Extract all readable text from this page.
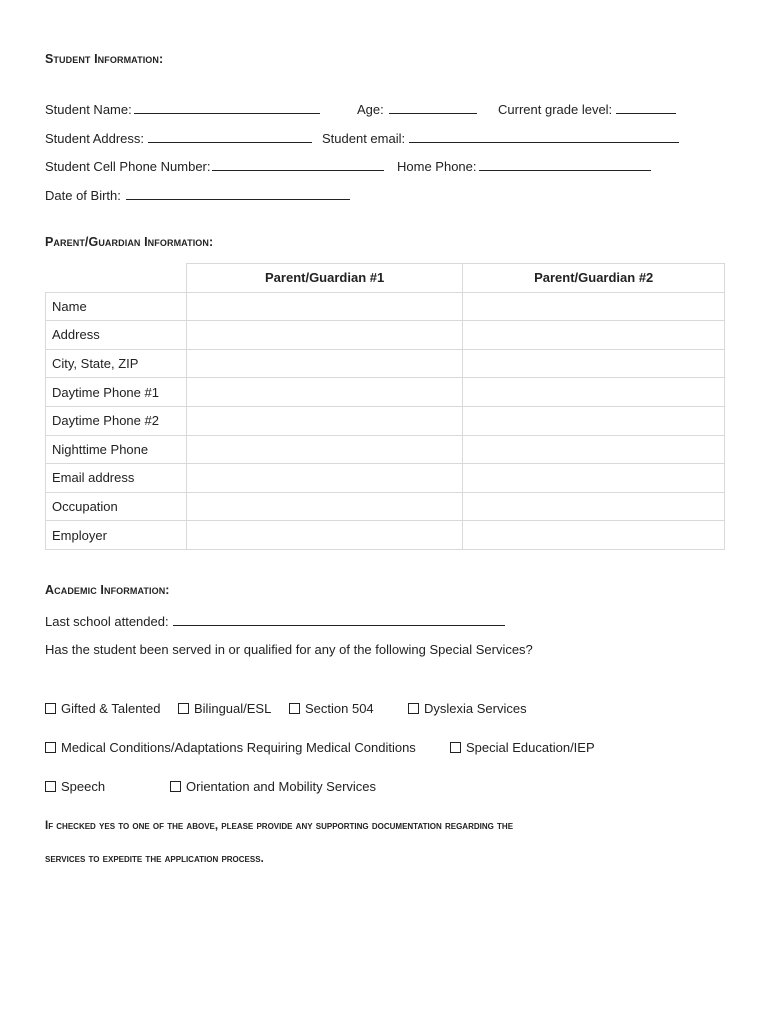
Student Information:
Student Name:	Age:	Current grade level:
Student Address:	Student email:
Student Cell Phone Number:	Home Phone:
Date of Birth:
Parent/Guardian Information:
	Parent/Guardian #1	Parent/Guardian #2
Name		
Address		
City, State, ZIP		
Daytime Phone #1		
Daytime Phone #2		
Nighttime Phone		
Email address		
Occupation		
Employer		
Academic Information:
Last school attended:
Has the student been served in or qualified for any of the following Special Services?
Gifted & Talented	Bilingual/ESL	Section 504	Dyslexia Services
Medical Conditions/Adaptations Requiring Medical Conditions	Special Education/IEP
Speech	Orientation and Mobility Services
If checked yes to one of the above, please provide any supporting documentation regarding the
services to expedite the application process.
